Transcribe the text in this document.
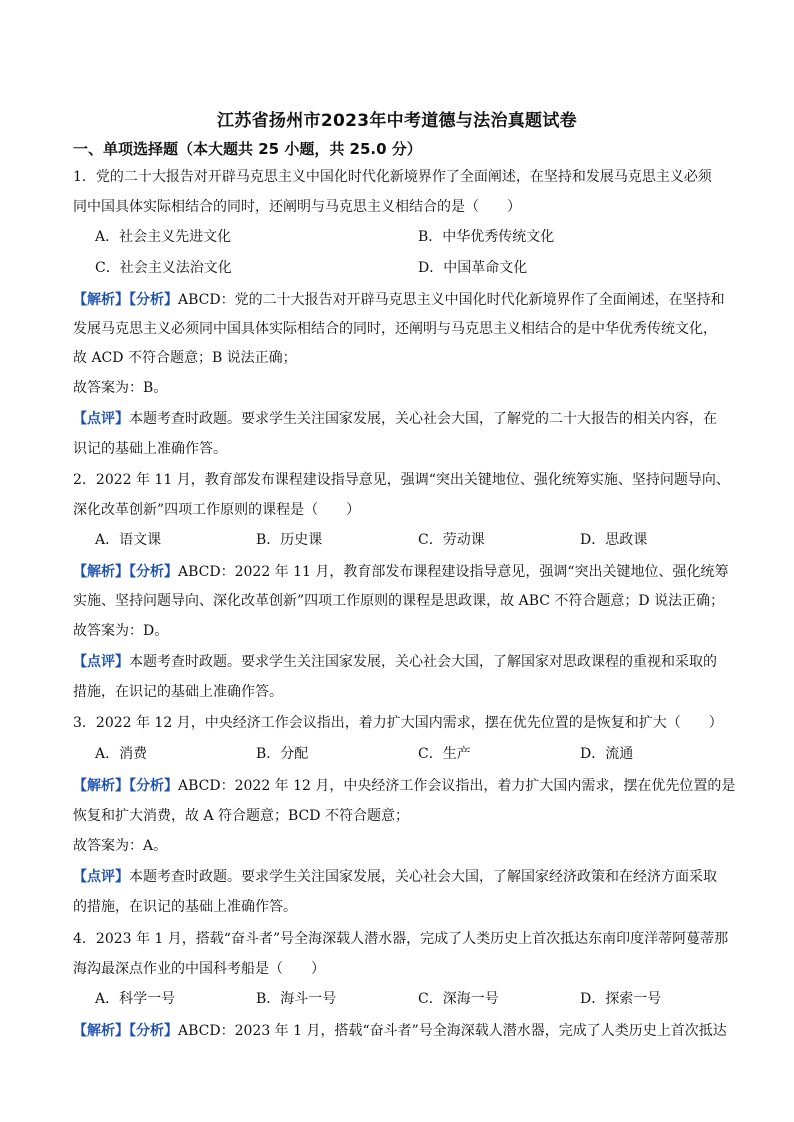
江苏省扬州市2023年中考道德与法治真题试卷
一、单项选择题（本大题共 25 小题，共 25.0 分）
1．党的二十大报告对开辟马克思主义中国化时代化新境界作了全面阐述，在坚持和发展马克思主义必须
同中国具体实际相结合的同时，还阐明与马克思主义相结合的是（　　）
A．社会主义先进文化	B．中华优秀传统文化
C．社会主义法治文化	D．中国革命文化
【解析】【分析】ABCD：党的二十大报告对开辟马克思主义中国化时代化新境界作了全面阐述，在坚持和
发展马克思主义必须同中国具体实际相结合的同时，还阐明与马克思主义相结合的是中华优秀传统文化，
故 ACD 不符合题意；B 说法正确；
故答案为：B。
【点评】本题考查时政题。要求学生关注国家发展，关心社会大国，了解党的二十大报告的相关内容，在
识记的基础上准确作答。
2．2022 年 11 月，教育部发布课程建设指导意见，强调“突出关键地位、强化统筹实施、坚持问题导向、
深化改革创新”四项工作原则的课程是（　　）
A．语文课	B．历史课	C．劳动课	D．思政课
【解析】【分析】ABCD：2022 年 11 月，教育部发布课程建设指导意见，强调“突出关键地位、强化统筹
实施、坚持问题导向、深化改革创新”四项工作原则的课程是思政课，故 ABC 不符合题意；D 说法正确；
故答案为：D。
【点评】本题考查时政题。要求学生关注国家发展，关心社会大国，了解国家对思政课程的重视和采取的
措施，在识记的基础上准确作答。
3．2022 年 12 月，中央经济工作会议指出，着力扩大国内需求，摆在优先位置的是恢复和扩大（　　）
A．消费	B．分配	C．生产	D．流通
【解析】【分析】ABCD：2022 年 12 月，中央经济工作会议指出，着力扩大国内需求，摆在优先位置的是
恢复和扩大消费，故 A 符合题意；BCD 不符合题意；
故答案为：A。
【点评】本题考查时政题。要求学生关注国家发展，关心社会大国，了解国家经济政策和在经济方面采取
的措施，在识记的基础上准确作答。
4．2023 年 1 月，搭载“奋斗者”号全海深载人潜水器，完成了人类历史上首次抵达东南印度洋蒂阿蔓蒂那
海沟最深点作业的中国科考船是（　　）
A．科学一号	B．海斗一号	C．深海一号	D．探索一号
【解析】【分析】ABCD：2023 年 1 月，搭载“奋斗者”号全海深载人潜水器，完成了人类历史上首次抵达
